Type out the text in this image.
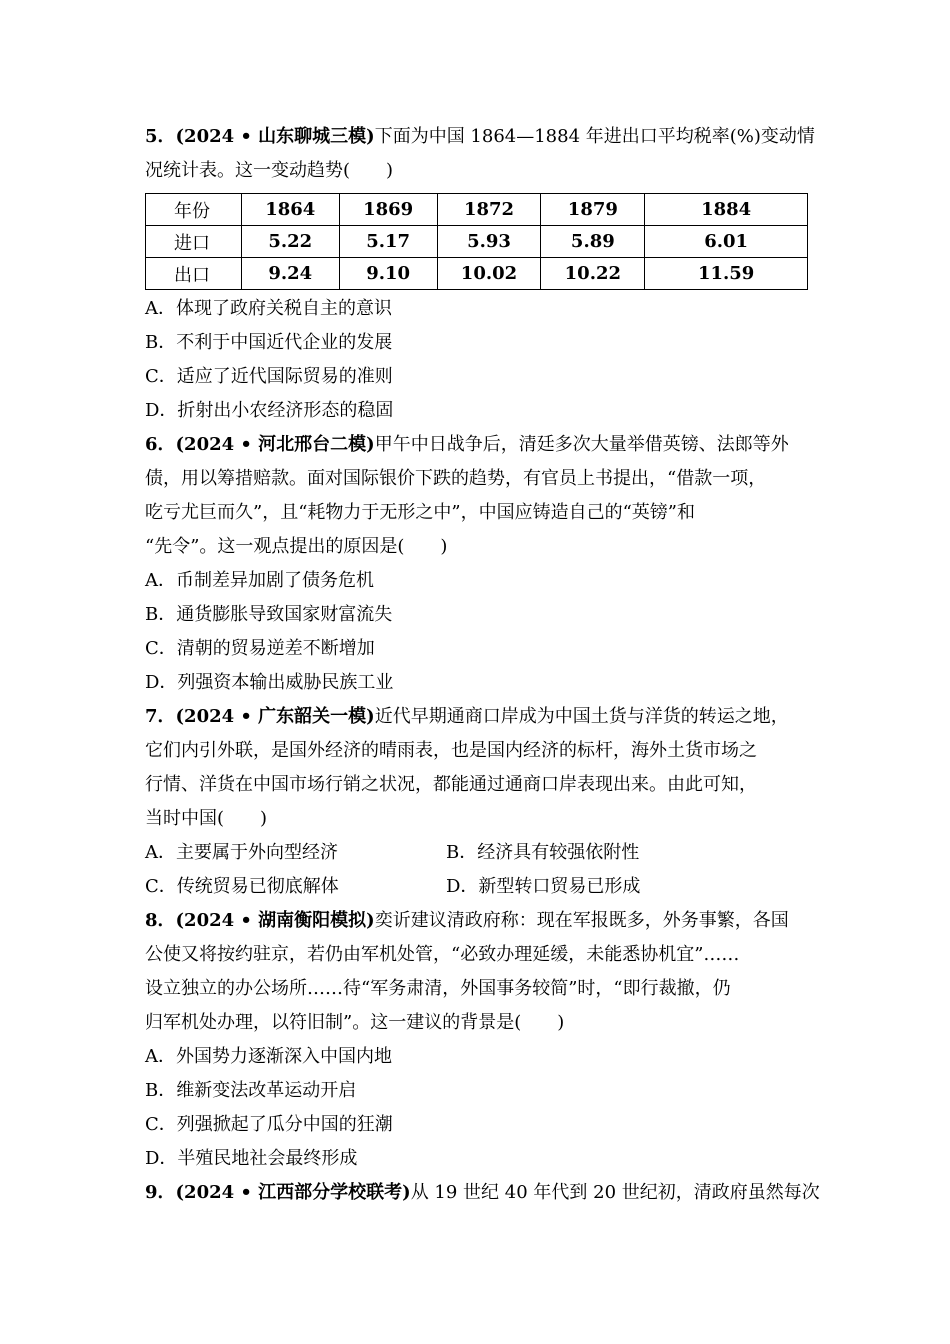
5．(2024 • 山东聊城三模)下面为中国 1864—1884 年进出口平均税率(%)变动情
况统计表。这一变动趋势(　　)
年份	1864	1869	1872	1879	1884
进口	5.22	5.17	5.93	5.89	6.01
出口	9.24	9.10	10.02	10.22	11.59
A．体现了政府关税自主的意识
B．不利于中国近代企业的发展
C．适应了近代国际贸易的准则
D．折射出小农经济形态的稳固
6．(2024 • 河北邢台二模)甲午中日战争后，清廷多次大量举借英镑、法郎等外
债，用以筹措赔款。面对国际银价下跌的趋势，有官员上书提出，“借款一项，
吃亏尤巨而久”，且“耗物力于无形之中”，中国应铸造自己的“英镑”和
“先令”。这一观点提出的原因是(　　)
A．币制差异加剧了债务危机
B．通货膨胀导致国家财富流失
C．清朝的贸易逆差不断增加
D．列强资本输出威胁民族工业
7．(2024 • 广东韶关一模)近代早期通商口岸成为中国土货与洋货的转运之地，
它们内引外联，是国外经济的晴雨表，也是国内经济的标杆，海外土货市场之
行情、洋货在中国市场行销之状况，都能通过通商口岸表现出来。由此可知，
当时中国(　　)
A．主要属于外向型经济	B．经济具有较强依附性
C．传统贸易已彻底解体	D．新型转口贸易已形成
8．(2024 • 湖南衡阳模拟)奕䜣建议清政府称：现在军报既多，外务事繁，各国
公使又将按约驻京，若仍由军机处管，“必致办理延缓，未能悉协机宜”……
设立独立的办公场所……待“军务肃清，外国事务较简”时，“即行裁撤，仍
归军机处办理，以符旧制”。这一建议的背景是(　　)
A．外国势力逐渐深入中国内地
B．维新变法改革运动开启
C．列强掀起了瓜分中国的狂潮
D．半殖民地社会最终形成
9．(2024 • 江西部分学校联考)从 19 世纪 40 年代到 20 世纪初，清政府虽然每次
